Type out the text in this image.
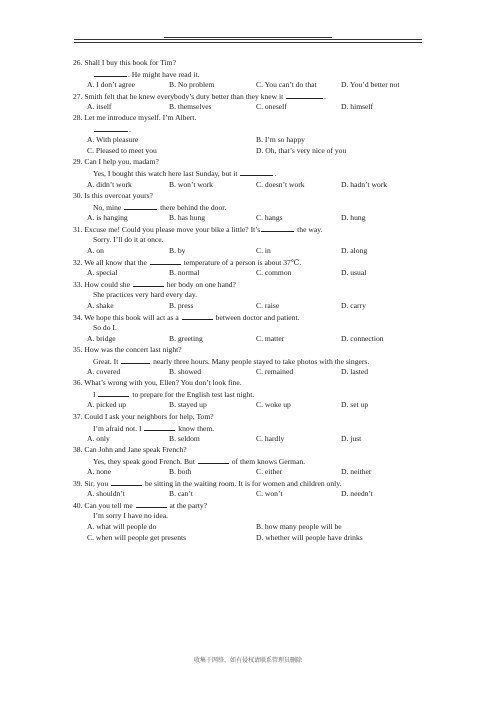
26. Shall I buy this book for Tim?
. He might have read it.
A. I don’t agree	B. No problem	C. You can’t do that	D. You’d better not
27. Smith felt that he knew everybody’s duty better than they knew it	.
A. itself	B. themselves	C. oneself	D. himself
28. Let me introduce myself. I’m Albert.
.
A. With pleasure	B. I’m so happy
C. Pleased to meet you	D. Oh, that’s very nice of you
29. Can I help you, madam?
Yes, I bought this watch here last Sunday, but it	.
A. didn’t work	B. won’t work	C. doesn’t work	D. hadn’t work
30. Is this overcoat yours?
No, mine	there behind the door.
A. is hanging	B. has hung	C. hangs	D. hung
31. Excuse me! Could you please move your bike a little? It’s	the way.
Sorry. I’ll do it at once.
A. on	B. by	C. in	D. along
32. We all know that the	temperature of a person is about 37℃.
A. special	B. normal	C. common	D. usual
33. How could she	her body on one hand?
She practices very hard every day.
A. shake	B. press	C. raise	D. carry
34. We hope this book will act as a	between doctor and patient.
So do I.
A. bridge	B. greeting	C. matter	D. connection
35. How was the concert last night?
Great. It	nearly three hours. Many people stayed to take photos with the singers.
A. covered	B. showed	C. remained	D. lasted
36. What’s wrong with you, Ellen? You don’t look fine.
I	to prepare for the English test last night.
A. picked up	B. stayed up	C. woke up	D. set up
37. Could I ask your neighbors for help, Tom?
I’m afraid not. I	know them.
A. only	B. seldom	C. hardly	D. just
38. Can John and Jane speak French?
Yes, they speak good French. But	of them knows German.
A. none	B. both	C. either	D. neither
39. Sir, you	be sitting in the waiting room. It is for women and children only.
A. shouldn’t	B. can’t	C. won’t	D. needn’t
40. Can you tell me	at the party?
I’m sorry I have no idea.
A. what will people do	B. how many people will be
C. when will people get presents	D. whether will people have drinks
收集于网络，如有侵权请联系管理员删除
